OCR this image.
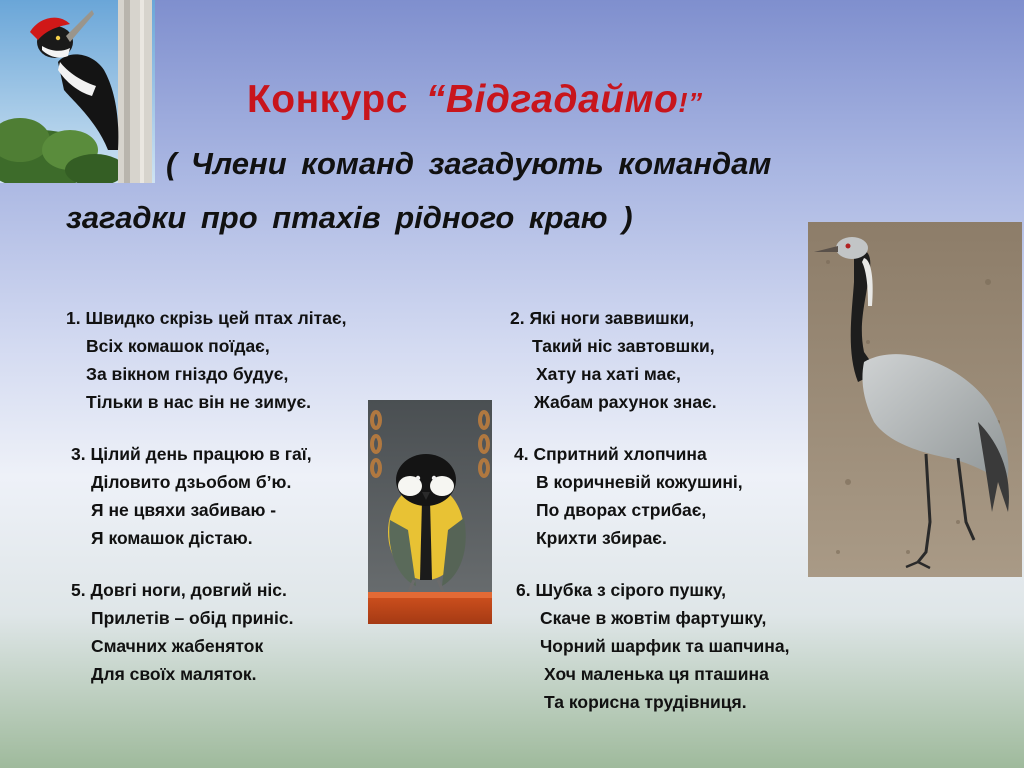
Конкурс “Відгадаймо!”

( Члени команд загадують командам

загадки про птахів рідного краю )

1. Швидко скрізь цей птах літає,
Всіх комашок поїдає,
За вікном гніздо будує,
Тільки в нас він не зимує.
2. Які ноги заввишки,
Такий ніс завтовшки,
Хату на хаті має,
Жабам рахунок знає.
3. Цілий день працюю в гаї,
Діловито дзьобом б’ю.
Я не цвяхи забиваю -
Я комашок дістаю.
4. Спритний хлопчина
В коричневій кожушині,
По дворах стрибає,
Крихти збирає.
5. Довгі ноги, довгий ніс.
Прилетів – обід приніс.
Смачних жабеняток
Для своїх маляток.
6. Шубка з сірого пушку,
Скаче в жовтім фартушку,
Чорний шарфик та шапчина,
Хоч маленька ця пташина
Та корисна трудівниця.
